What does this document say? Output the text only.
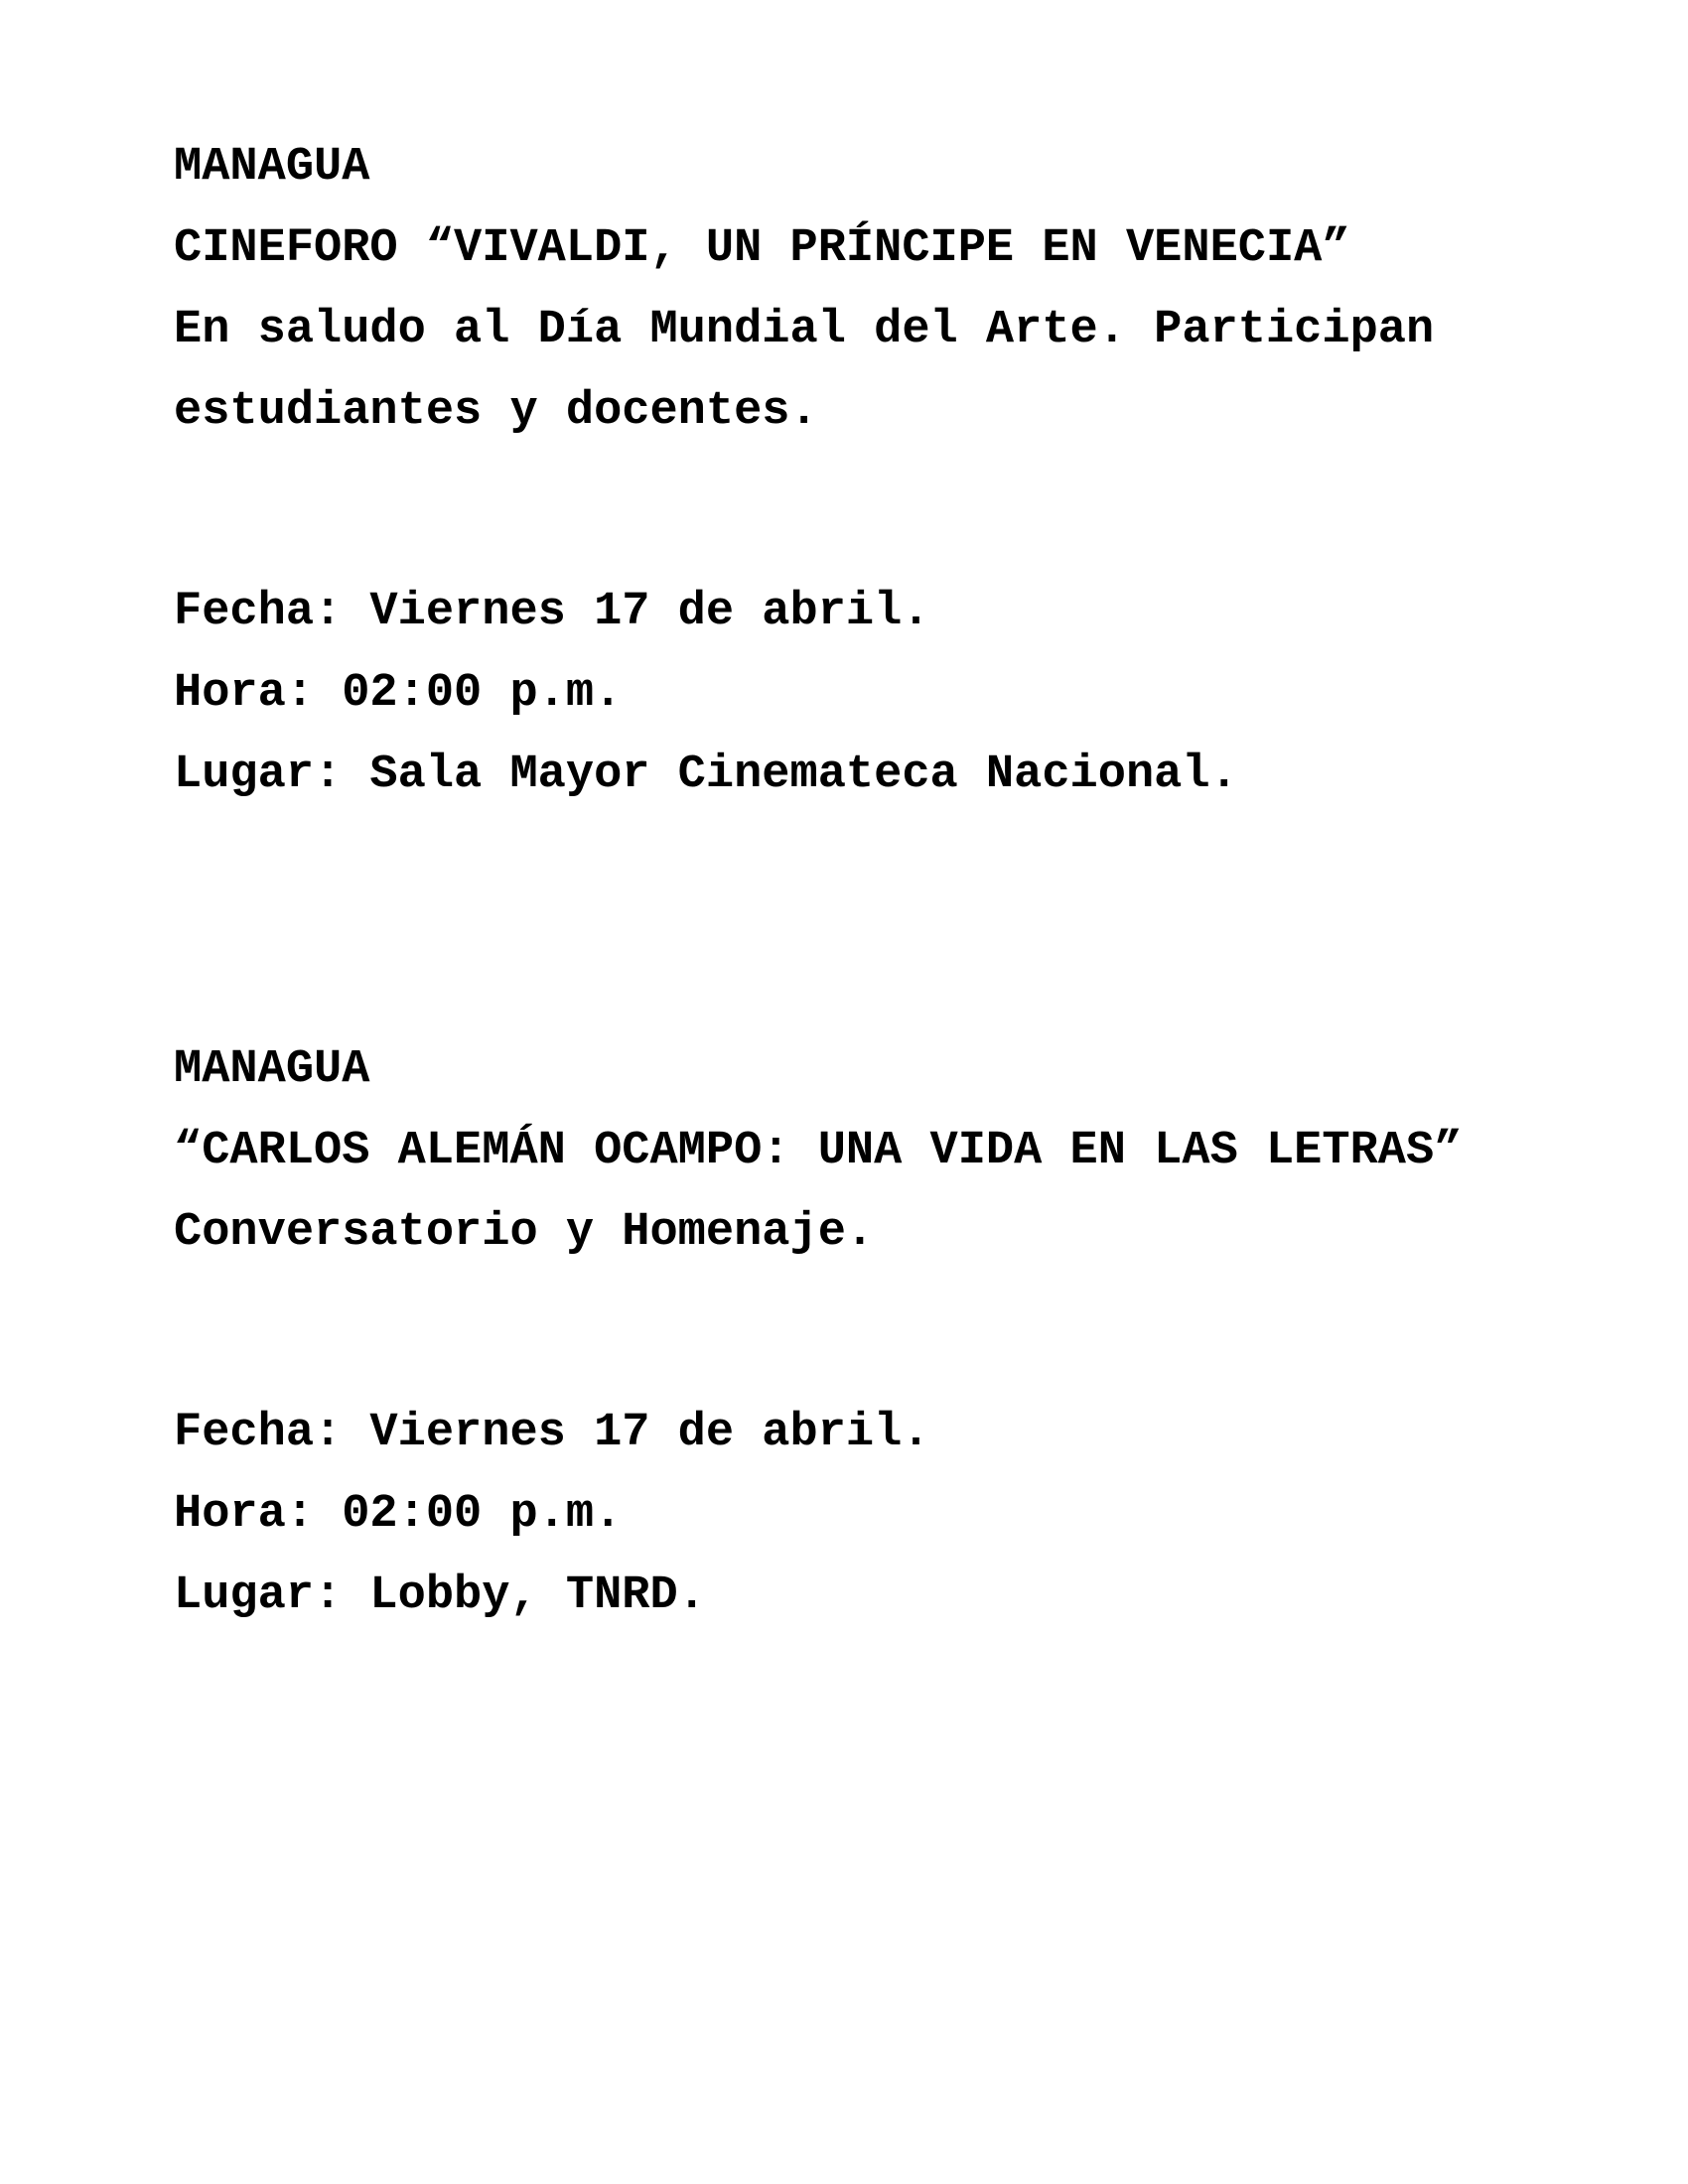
MANAGUA

CINEFORO “VIVALDI, UN PRÍNCIPE EN VENECIA”

En saludo al Día Mundial del Arte. Participan

estudiantes y docentes.

Fecha: Viernes 17 de abril.

Hora: 02:00 p.m.

Lugar: Sala Mayor Cinemateca Nacional.

MANAGUA

“CARLOS ALEMÁN OCAMPO: UNA VIDA EN LAS LETRAS”

Conversatorio y Homenaje.

Fecha: Viernes 17 de abril.

Hora: 02:00 p.m.

Lugar: Lobby, TNRD.
